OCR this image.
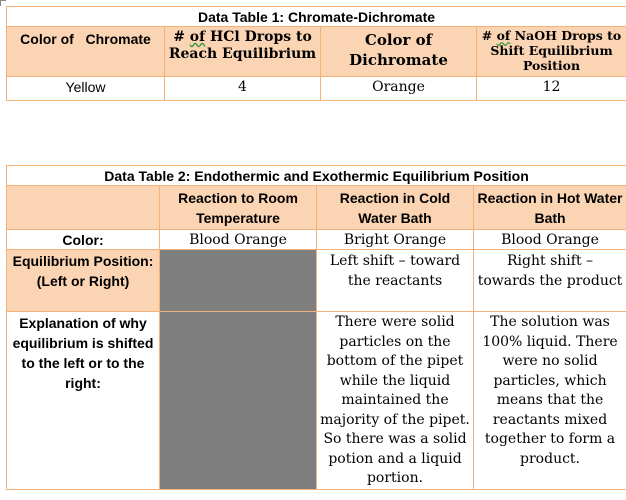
Data Table 1: Chromate-Dichromate			
Color of   Chromate	# of HCl Drops to Reach Equilibrium	Color of Dichromate	# of NaOH Drops to Shift Equilibrium Position
Yellow	4	Orange	12
Data Table 2: Endothermic and Exothermic Equilibrium Position			
	Reaction to Room Temperature	Reaction in Cold Water Bath	Reaction in Hot Water Bath
Color:	Blood Orange	Bright Orange	Blood Orange
Equilibrium Position: (Left or Right)		Left shift – toward the reactants	Right shift – towards the product
Explanation of why equilibrium is shifted to the left or to the right:		There were solid particles on the bottom of the pipet while the liquid maintained the majority of the pipet. So there was a solid potion and a liquid portion.	The solution was 100% liquid. There were no solid particles, which means that the reactants mixed together to form a product.
